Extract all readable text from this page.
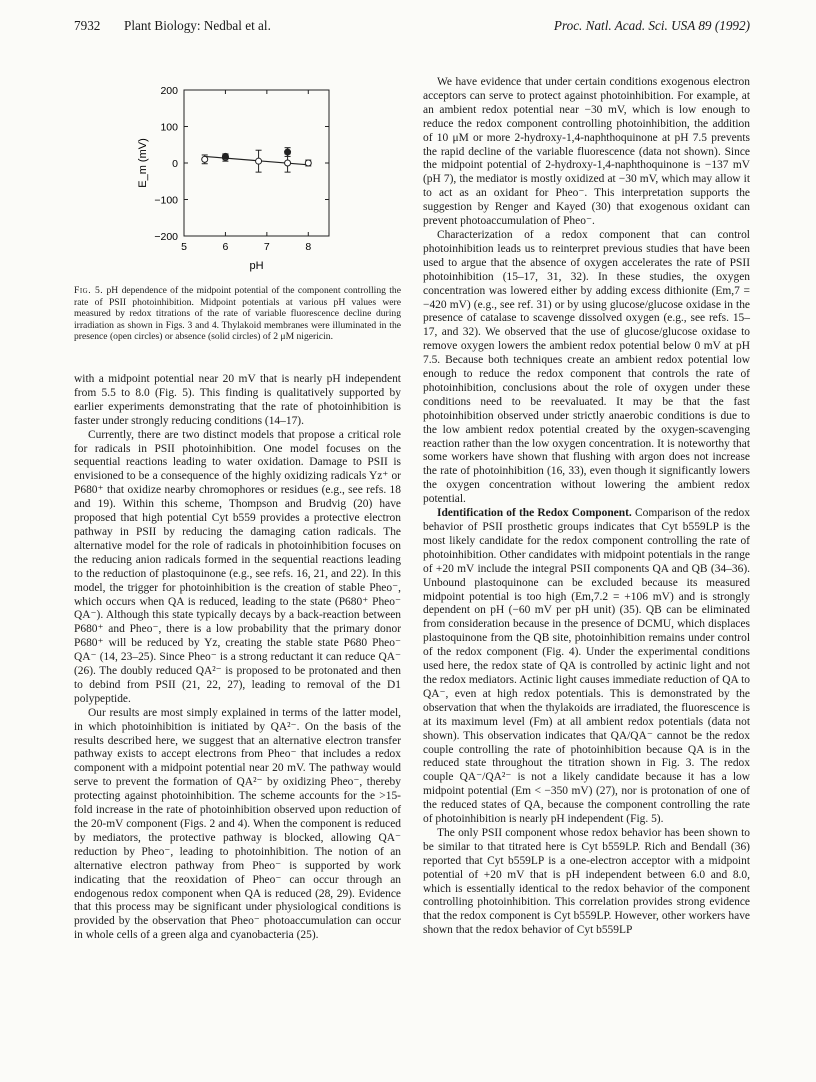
7932 Plant Biology: Nedbal et al.	Proc. Natl. Acad. Sci. USA 89 (1992)
200
100
0
−100
−200
5	6	7	8
pH
E_m (mV)
Fig. 5. pH dependence of the midpoint potential of the component controlling the rate of PSII photoinhibition. Midpoint potentials at various pH values were measured by redox titrations of the rate of variable fluorescence decline during irradiation as shown in Figs. 3 and 4. Thylakoid membranes were illuminated in the presence (open circles) or absence (solid circles) of 2 μM nigericin.

with a midpoint potential near 20 mV that is nearly pH independent from 5.5 to 8.0 (Fig. 5). This finding is qualitatively supported by earlier experiments demonstrating that the rate of photoinhibition is faster under strongly reducing conditions (14–17).

Currently, there are two distinct models that propose a critical role for radicals in PSII photoinhibition. One model focuses on the sequential reactions leading to water oxidation. Damage to PSII is envisioned to be a consequence of the highly oxidizing radicals Yz⁺ or P680⁺ that oxidize nearby chromophores or residues (e.g., see refs. 18 and 19). Within this scheme, Thompson and Brudvig (20) have proposed that high potential Cyt b559 provides a protective electron pathway in PSII by reducing the damaging cation radicals. The alternative model for the role of radicals in photoinhibition focuses on the reducing anion radicals formed in the sequential reactions leading to the reduction of plastoquinone (e.g., see refs. 16, 21, and 22). In this model, the trigger for photoinhibition is the creation of stable Pheo⁻, which occurs when QA is reduced, leading to the state (P680⁺ Pheo⁻ QA⁻). Although this state typically decays by a back-reaction between P680⁺ and Pheo⁻, there is a low probability that the primary donor P680⁺ will be reduced by Yz, creating the stable state P680 Pheo⁻ QA⁻ (14, 23–25). Since Pheo⁻ is a strong reductant it can reduce QA⁻ (26). The doubly reduced QA²⁻ is proposed to be protonated and then to debind from PSII (21, 22, 27), leading to removal of the D1 polypeptide.

Our results are most simply explained in terms of the latter model, in which photoinhibition is initiated by QA²⁻. On the basis of the results described here, we suggest that an alternative electron transfer pathway exists to accept electrons from Pheo⁻ that includes a redox component with a midpoint potential near 20 mV. The pathway would serve to prevent the formation of QA²⁻ by oxidizing Pheo⁻, thereby protecting against photoinhibition. The scheme accounts for the >15-fold increase in the rate of photoinhibition observed upon reduction of the 20-mV component (Figs. 2 and 4). When the component is reduced by mediators, the protective pathway is blocked, allowing QA⁻ reduction by Pheo⁻, leading to photoinhibition. The notion of an alternative electron pathway from Pheo⁻ is supported by work indicating that the reoxidation of Pheo⁻ can occur through an endogenous redox component when QA is reduced (28, 29). Evidence that this process may be significant under physiological conditions is provided by the observation that Pheo⁻ photoaccumulation can occur in whole cells of a green alga and cyanobacteria (25).

We have evidence that under certain conditions exogenous electron acceptors can serve to protect against photoinhibition. For example, at an ambient redox potential near −30 mV, which is low enough to reduce the redox component controlling photoinhibition, the addition of 10 μM or more 2-hydroxy-1,4-naphthoquinone at pH 7.5 prevents the rapid decline of the variable fluorescence (data not shown). Since the midpoint potential of 2-hydroxy-1,4-naphthoquinone is −137 mV (pH 7), the mediator is mostly oxidized at −30 mV, which may allow it to act as an oxidant for Pheo⁻. This interpretation supports the suggestion by Renger and Kayed (30) that exogenous oxidant can prevent photoaccumulation of Pheo⁻.

Characterization of a redox component that can control photoinhibition leads us to reinterpret previous studies that have been used to argue that the absence of oxygen accelerates the rate of PSII photoinhibition (15–17, 31, 32). In these studies, the oxygen concentration was lowered either by adding excess dithionite (Em,7 = −420 mV) (e.g., see ref. 31) or by using glucose/glucose oxidase in the presence of catalase to scavenge dissolved oxygen (e.g., see refs. 15–17, and 32). We observed that the use of glucose/glucose oxidase to remove oxygen lowers the ambient redox potential below 0 mV at pH 7.5. Because both techniques create an ambient redox potential low enough to reduce the redox component that controls the rate of photoinhibition, conclusions about the role of oxygen under these conditions need to be reevaluated. It may be that the fast photoinhibition observed under strictly anaerobic conditions is due to the low ambient redox potential created by the oxygen-scavenging reaction rather than the low oxygen concentration. It is noteworthy that some workers have shown that flushing with argon does not increase the rate of photoinhibition (16, 33), even though it significantly lowers the oxygen concentration without lowering the ambient redox potential.

Identification of the Redox Component. Comparison of the redox behavior of PSII prosthetic groups indicates that Cyt b559LP is the most likely candidate for the redox component controlling the rate of photoinhibition. Other candidates with midpoint potentials in the range of +20 mV include the integral PSII components QA and QB (34–36). Unbound plastoquinone can be excluded because its measured midpoint potential is too high (Em,7.2 = +106 mV) and is strongly dependent on pH (−60 mV per pH unit) (35). QB can be eliminated from consideration because in the presence of DCMU, which displaces plastoquinone from the QB site, photoinhibition remains under control of the redox component (Fig. 4). Under the experimental conditions used here, the redox state of QA is controlled by actinic light and not the redox mediators. Actinic light causes immediate reduction of QA to QA⁻, even at high redox potentials. This is demonstrated by the observation that when the thylakoids are irradiated, the fluorescence is at its maximum level (Fm) at all ambient redox potentials (data not shown). This observation indicates that QA/QA⁻ cannot be the redox couple controlling the rate of photoinhibition because QA is in the reduced state throughout the titration shown in Fig. 3. The redox couple QA⁻/QA²⁻ is not a likely candidate because it has a low midpoint potential (Em < −350 mV) (27), nor is protonation of one of the reduced states of QA, because the component controlling the rate of photoinhibition is nearly pH independent (Fig. 5).

The only PSII component whose redox behavior has been shown to be similar to that titrated here is Cyt b559LP. Rich and Bendall (36) reported that Cyt b559LP is a one-electron acceptor with a midpoint potential of +20 mV that is pH independent between 6.0 and 8.0, which is essentially identical to the redox behavior of the component controlling photoinhibition. This correlation provides strong evidence that the redox component is Cyt b559LP. However, other workers have shown that the redox behavior of Cyt b559LP
